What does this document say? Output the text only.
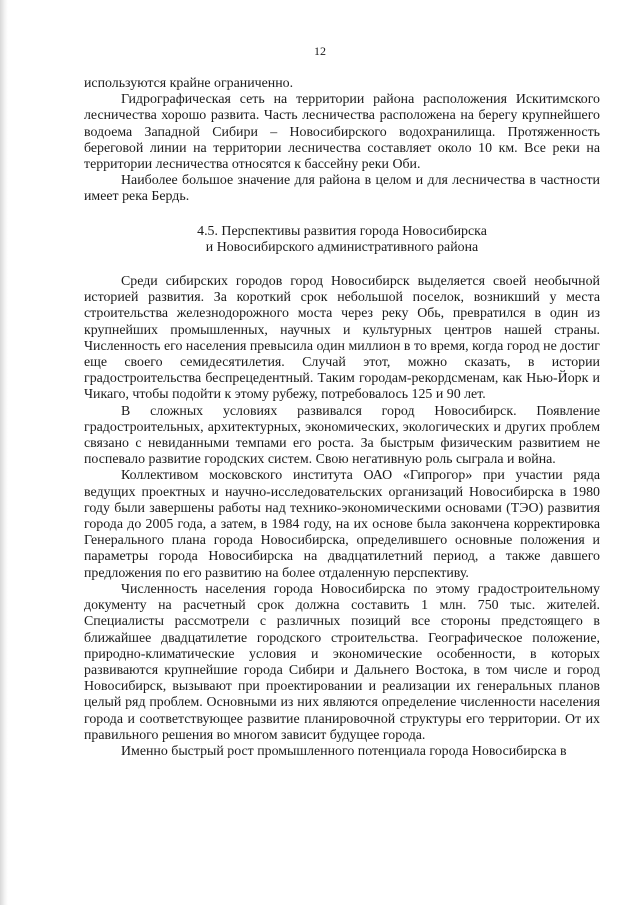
12

используются крайне ограниченно.

Гидрографическая сеть на территории района расположения Искитимского лесничества хорошо развита. Часть лесничества расположена на берегу крупнейшего водоема Западной Сибири – Новосибирского водохранилища. Протяженность береговой линии на территории лесничества составляет около 10 км. Все реки на территории лесничества относятся к бассейну реки Оби.

Наиболее большое значение для района в целом и для лесничества в частности имеет река Бердь.

4.5. Перспективы развития города Новосибирска
и Новосибирского административного района

Среди сибирских городов город Новосибирск выделяется своей необычной историей развития. За короткий срок небольшой поселок, возникший у места строительства железнодорожного моста через реку Обь, превратился в один из крупнейших промышленных, научных и культурных центров нашей страны. Численность его населения превысила один миллион в то время, когда город не достиг еще своего семидесятилетия. Случай этот, можно сказать, в истории градостроительства беспрецедентный. Таким городам-рекордсменам, как Нью-Йорк и Чикаго, чтобы подойти к этому рубежу, потребовалось 125 и 90 лет.

В сложных условиях развивался город Новосибирск. Появление градостроительных, архитектурных, экономических, экологических и других проблем связано с невиданными темпами его роста. За быстрым физическим развитием не поспевало развитие городских систем. Свою негативную роль сыграла и война.

Коллективом московского института ОАО «Гипрогор» при участии ряда ведущих проектных и научно-исследовательских организаций Новосибирска в 1980 году были завершены работы над технико-экономическими основами (ТЭО) развития города до 2005 года, а затем, в 1984 году, на их основе была закончена корректировка Генерального плана города Новосибирска, определившего основные положения и параметры города Новосибирска на двадцатилетний период, а также давшего предложения по его развитию на более отдаленную перспективу.

Численность населения города Новосибирска по этому градостроительному документу на расчетный срок должна составить 1 млн. 750 тыс. жителей. Специалисты рассмотрели с различных позиций все стороны предстоящего в ближайшее двадцатилетие городского строительства. Географическое положение, природно-климатические условия и экономические особенности, в которых развиваются крупнейшие города Сибири и Дальнего Востока, в том числе и город Новосибирск, вызывают при проектировании и реализации их генеральных планов целый ряд проблем. Основными из них являются определение численности населения города и соответствующее развитие планировочной структуры его территории. От их правильного решения во многом зависит будущее города.

Именно быстрый рост промышленного потенциала города Новосибирска в
